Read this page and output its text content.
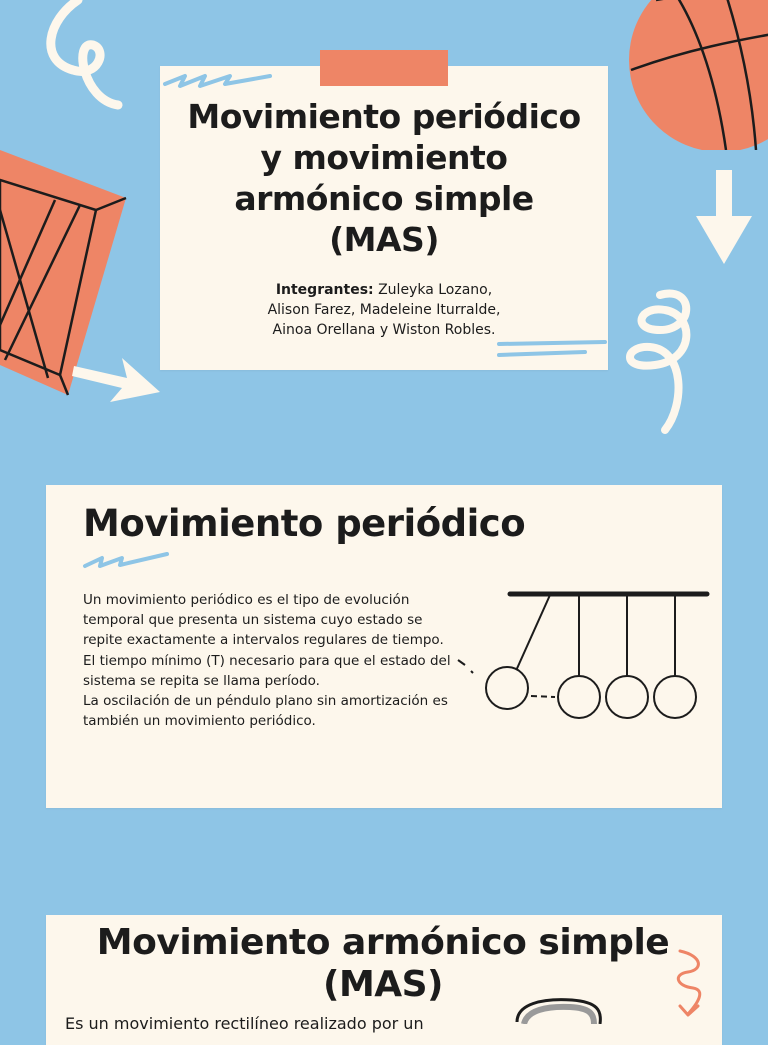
Movimiento periódico y movimiento armónico simple (MAS)

Integrantes: Zuleyka Lozano, Alison Farez, Madeleine Iturralde, Ainoa Orellana y Wiston Robles.

Movimiento periódico

Un movimiento periódico es el tipo de evolución temporal que presenta un sistema cuyo estado se repite exactamente a intervalos regulares de tiempo.
El tiempo mínimo (T) necesario para que el estado del sistema se repita se llama período.
La oscilación de un péndulo plano sin amortización es también un movimiento periódico.

Movimiento armónico simple (MAS)

Es un movimiento rectilíneo realizado por un
